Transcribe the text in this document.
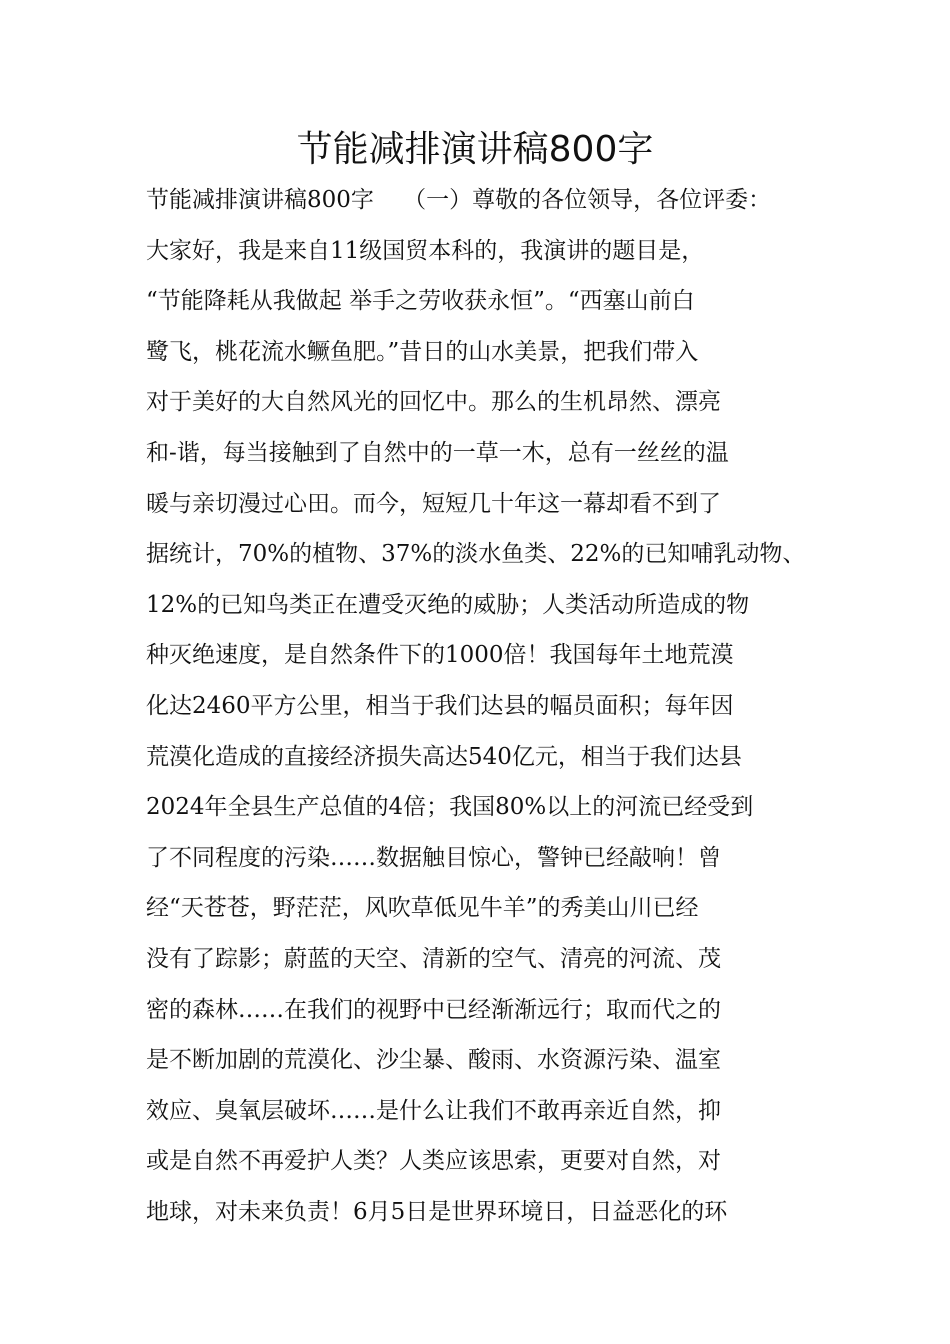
节能减排演讲稿800字
节能减排演讲稿800字    （一）尊敬的各位领导，各位评委：
大家好，我是来自11级国贸本科的，我演讲的题目是，
“节能降耗从我做起 举手之劳收获永恒”。“西塞山前白
鹭飞，桃花流水鳜鱼肥。”昔日的山水美景，把我们带入
对于美好的大自然风光的回忆中。那么的生机昂然、漂亮
和-谐，每当接触到了自然中的一草一木，总有一丝丝的温
暖与亲切漫过心田。而今，短短几十年这一幕却看不到了
据统计，70%的植物、37%的淡水鱼类、22%的已知哺乳动物、
12%的已知鸟类正在遭受灭绝的威胁；人类活动所造成的物
种灭绝速度，是自然条件下的1000倍！我国每年土地荒漠
化达2460平方公里，相当于我们达县的幅员面积；每年因
荒漠化造成的直接经济损失高达540亿元，相当于我们达县
2024年全县生产总值的4倍；我国80%以上的河流已经受到
了不同程度的污染……数据触目惊心，警钟已经敲响！曾
经“天苍苍，野茫茫，风吹草低见牛羊”的秀美山川已经
没有了踪影；蔚蓝的天空、清新的空气、清亮的河流、茂
密的森林……在我们的视野中已经渐渐远行；取而代之的
是不断加剧的荒漠化、沙尘暴、酸雨、水资源污染、温室
效应、臭氧层破坏……是什么让我们不敢再亲近自然，抑
或是自然不再爱护人类？人类应该思索，更要对自然，对
地球，对未来负责！6月5日是世界环境日，日益恶化的环
